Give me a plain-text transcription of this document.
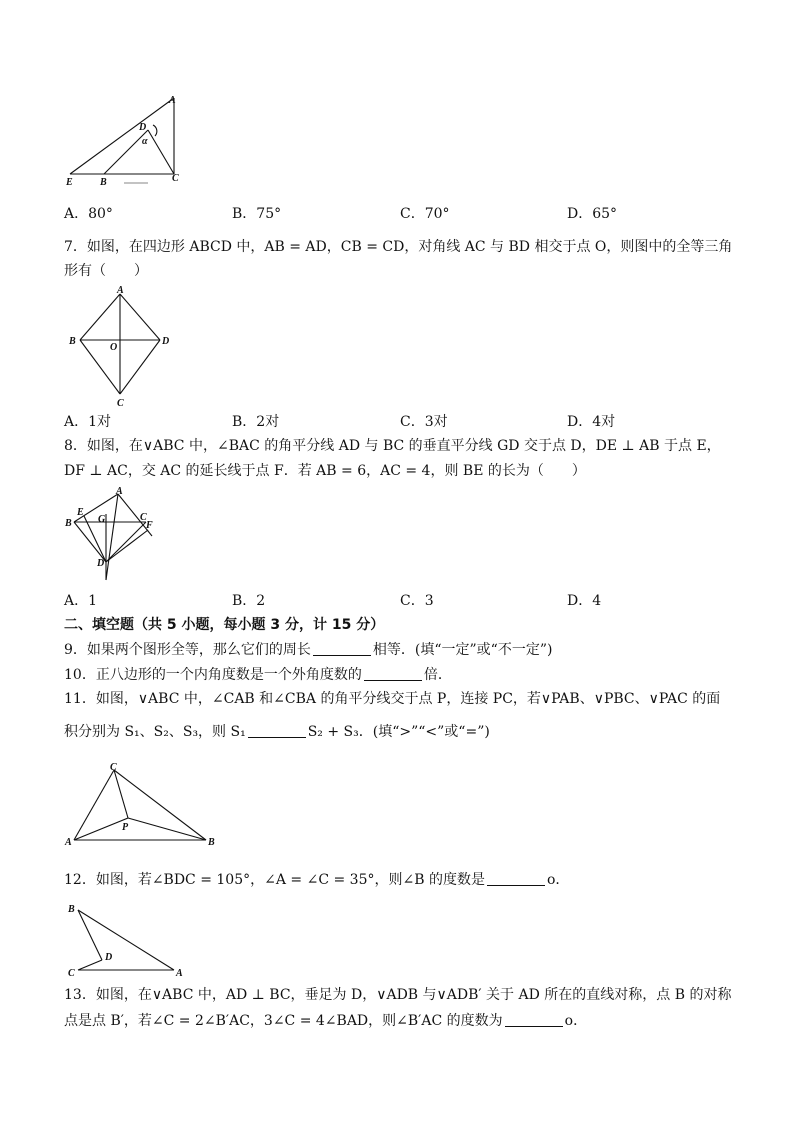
A
D
α
E	B	C
A．80°	B．75°	C．70°	D．65°
7．如图，在四边形 ABCD 中，AB = AD，CB = CD，对角线 AC 与 BD 相交于点 O，则图中的全等三角
形有（　　）
A
B
O
D
C
A．1对	B．2对	C．3对	D．4对
8．如图，在∨ABC 中，∠BAC 的角平分线 AD 与 BC 的垂直平分线 GD 交于点 D，DE ⊥ AB 于点 E，
DF ⊥ AC，交 AC 的延长线于点 F．若 AB = 6，AC = 4，则 BE 的长为（　　）
A
E
B	G	C
F
D
A．1	B．2	C．3	D．4
二、填空题（共 5 小题，每小题 3 分，计 15 分）
9．如果两个图形全等，那么它们的周长	相等．(填“一定”或“不一定”)
10．正八边形的一个内角度数是一个外角度数的	倍．
11．如图，∨ABC 中，∠CAB 和∠CBA 的角平分线交于点 P，连接 PC，若∨PAB、∨PBC、∨PAC 的面
积分别为 S₁、S₂、S₃，则 S₁	S₂ + S₃．(填“>”“<”或“=”)
C
P
A	B
12．如图，若∠BDC = 105°，∠A = ∠C = 35°，则∠B 的度数是	o．
B
D
C	A
13．如图，在∨ABC 中，AD ⊥ BC，垂足为 D，∨ADB 与∨ADB′ 关于 AD 所在的直线对称，点 B 的对称
点是点 B′，若∠C = 2∠B′AC，3∠C = 4∠BAD，则∠B′AC 的度数为	o．
